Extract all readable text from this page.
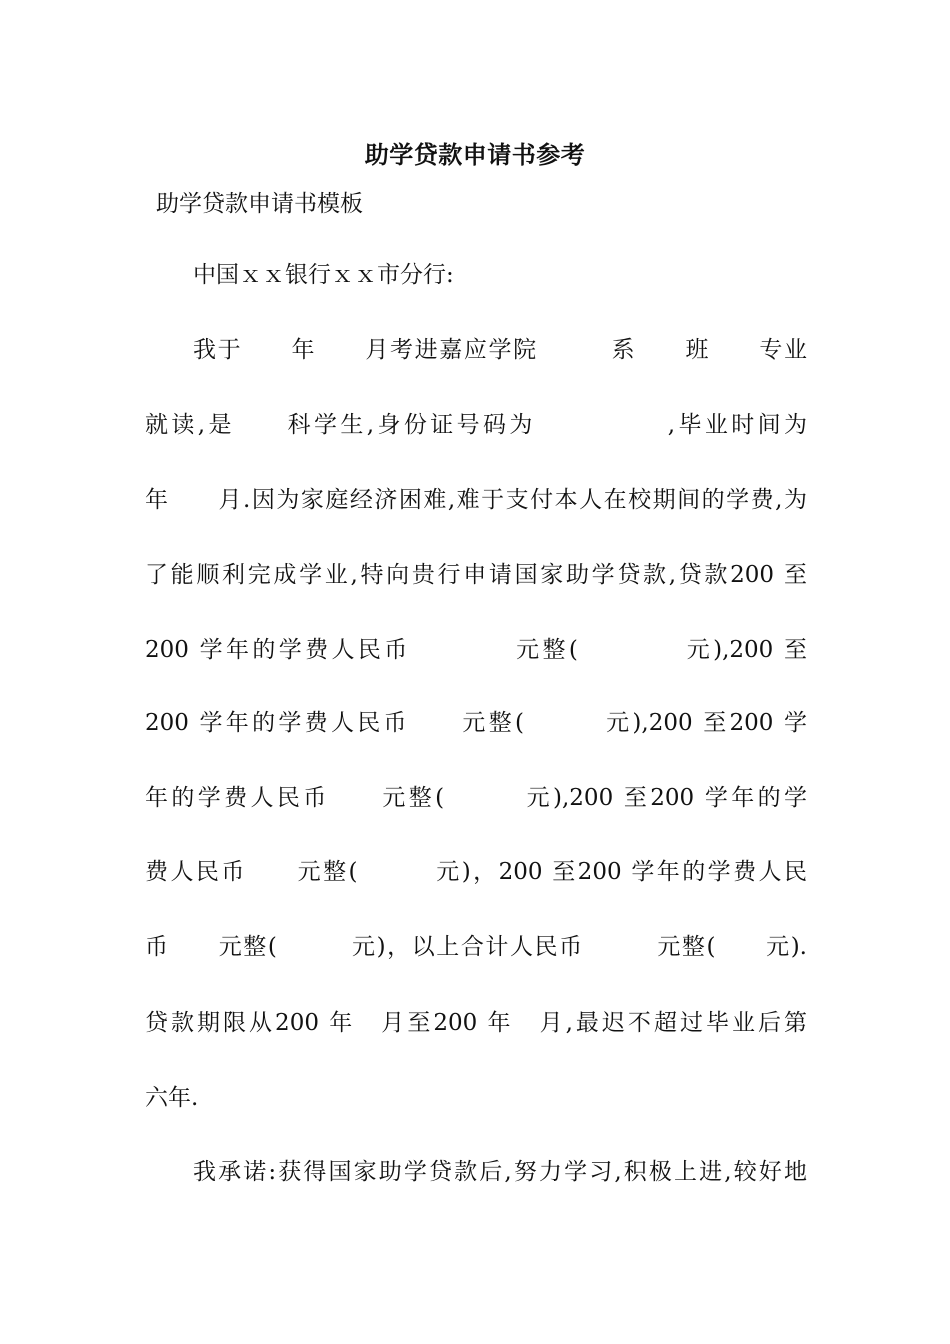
助学贷款申请书参考
助学贷款申请书模板
中国ｘｘ银行ｘｘ市分行:
我于　　年　　月考进嘉应学院　　　系　　班　　专业
就读,是　　科学生,身份证号码为　　　　　,毕业时间为
年　　月.因为家庭经济困难,难于支付本人在校期间的学费,为
了能顺利完成学业,特向贵行申请国家助学贷款,贷款200 至
200 学年的学费人民币　　　　元整(　　　　元),200 至
200 学年的学费人民币　　元整(　　　元),200 至200 学
年的学费人民币　　元整(　　　元),200 至200 学年的学
费人民币　　元整(　　　元)，200 至200 学年的学费人民
币　　元整(　　　元)，以上合计人民币　　　元整(　　元).
贷款期限从200 年　月至200 年　月,最迟不超过毕业后第
六年.
我承诺:获得国家助学贷款后,努力学习,积极上进,较好地
